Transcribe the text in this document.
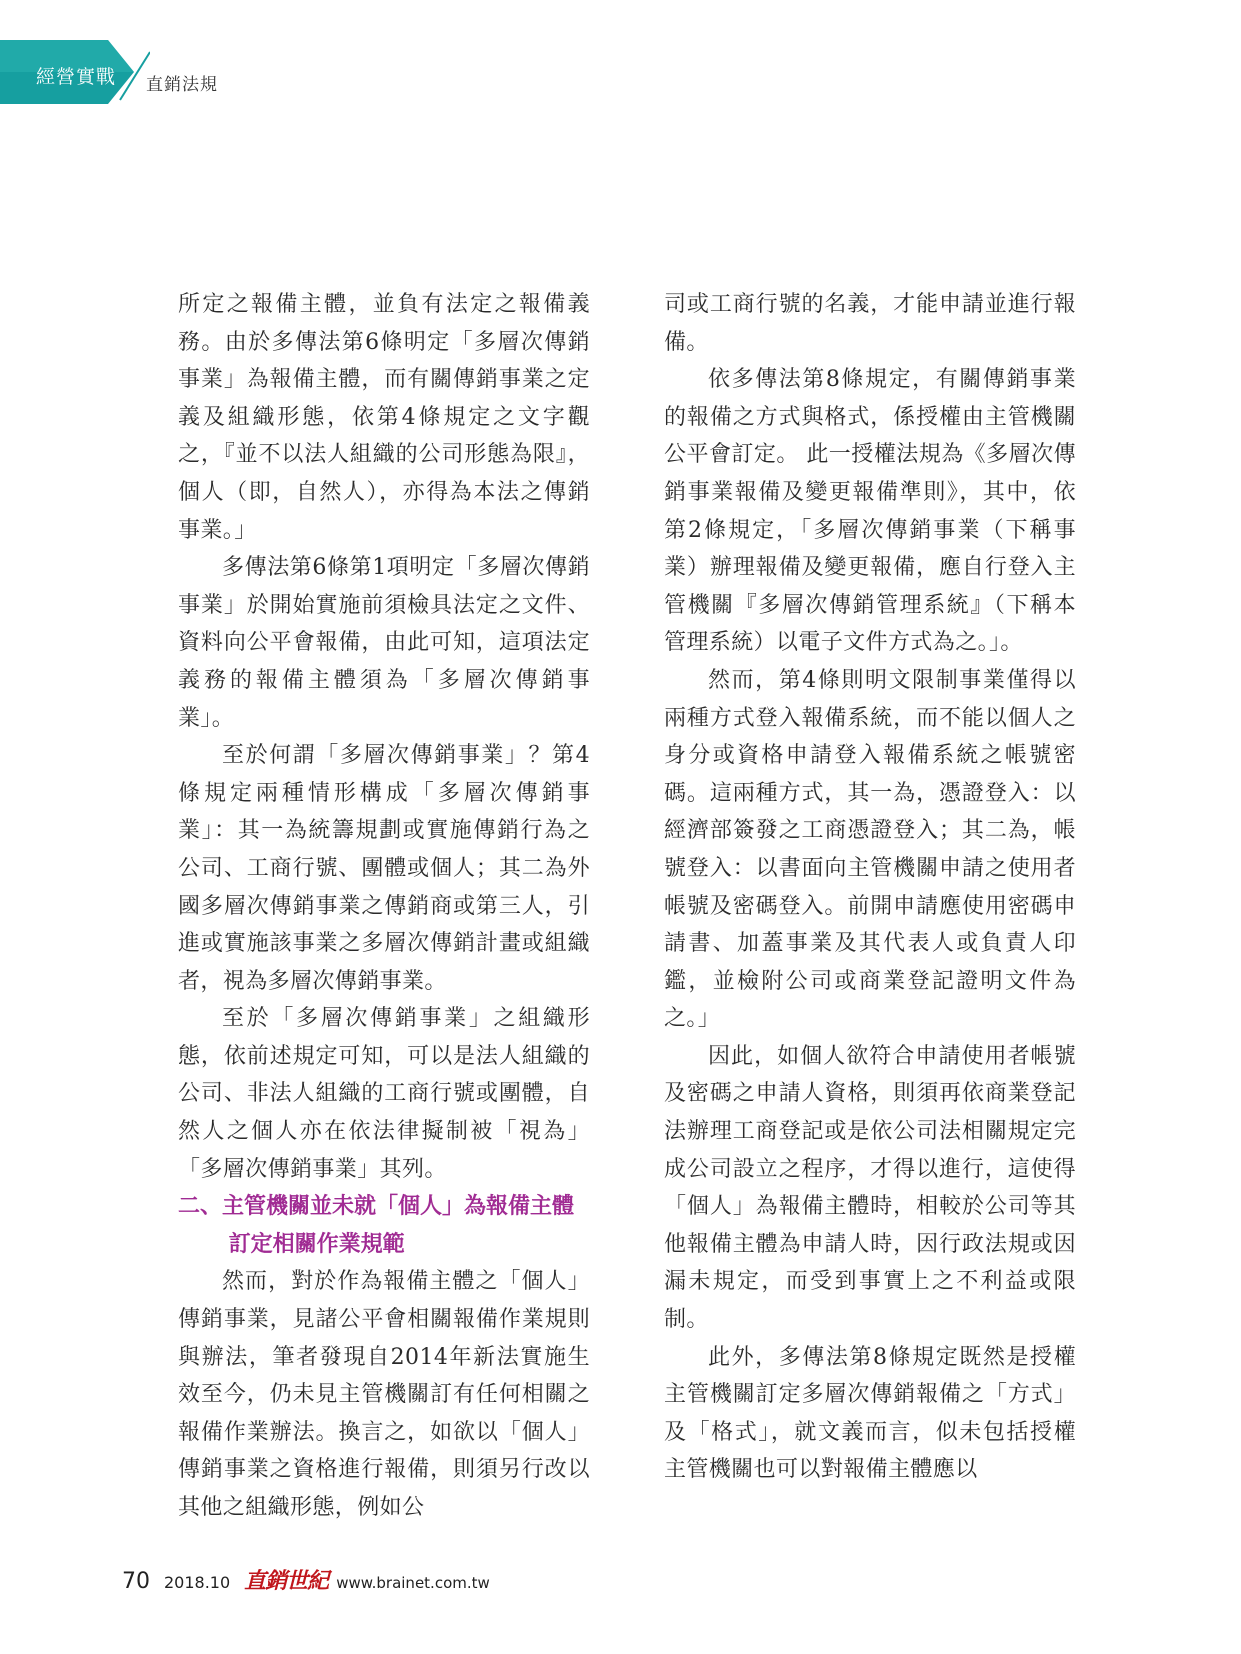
經營實戰	直銷法規

所定之報備主體，並負有法定之報備義務。由於多傳法第6條明定「多層次傳銷事業」為報備主體，而有關傳銷事業之定義及組織形態，依第4條規定之文字觀之，『並不以法人組織的公司形態為限』，個人（即，自然人），亦得為本法之傳銷事業。」

多傳法第6條第1項明定「多層次傳銷事業」於開始實施前須檢具法定之文件、資料向公平會報備，由此可知，這項法定義務的報備主體須為「多層次傳銷事業」。

至於何謂「多層次傳銷事業」？第4條規定兩種情形構成「多層次傳銷事業」：其一為統籌規劃或實施傳銷行為之公司、工商行號、團體或個人；其二為外國多層次傳銷事業之傳銷商或第三人，引進或實施該事業之多層次傳銷計畫或組織者，視為多層次傳銷事業。

至於「多層次傳銷事業」之組織形態，依前述規定可知，可以是法人組織的公司、非法人組織的工商行號或團體，自然人之個人亦在依法律擬制被「視為」「多層次傳銷事業」其列。

二、主管機關並未就「個人」為報備主體訂定相關作業規範

然而，對於作為報備主體之「個人」傳銷事業，見諸公平會相關報備作業規則與辦法，筆者發現自2014年新法實施生效至今，仍未見主管機關訂有任何相關之報備作業辦法。換言之，如欲以「個人」傳銷事業之資格進行報備，則須另行改以其他之組織形態，例如公

司或工商行號的名義，才能申請並進行報備。

依多傳法第8條規定，有關傳銷事業的報備之方式與格式，係授權由主管機關公平會訂定。 此一授權法規為《多層次傳銷事業報備及變更報備準則》，其中，依第2條規定，「多層次傳銷事業（下稱事業）辦理報備及變更報備，應自行登入主管機關『多層次傳銷管理系統』（下稱本管理系統）以電子文件方式為之。」。

然而，第4條則明文限制事業僅得以兩種方式登入報備系統，而不能以個人之身分或資格申請登入報備系統之帳號密碼。這兩種方式，其一為，憑證登入：以經濟部簽發之工商憑證登入；其二為，帳號登入：以書面向主管機關申請之使用者帳號及密碼登入。前開申請應使用密碼申請書、加蓋事業及其代表人或負責人印鑑，並檢附公司或商業登記證明文件為之。」

因此，如個人欲符合申請使用者帳號及密碼之申請人資格，則須再依商業登記法辦理工商登記或是依公司法相關規定完成公司設立之程序，才得以進行，這使得「個人」為報備主體時，相較於公司等其他報備主體為申請人時，因行政法規或因漏未規定，而受到事實上之不利益或限制。

此外，多傳法第8條規定既然是授權主管機關訂定多層次傳銷報備之「方式」及「格式」，就文義而言，似未包括授權主管機關也可以對報備主體應以

70 2018.10 直銷世紀 www.brainet.com.tw
